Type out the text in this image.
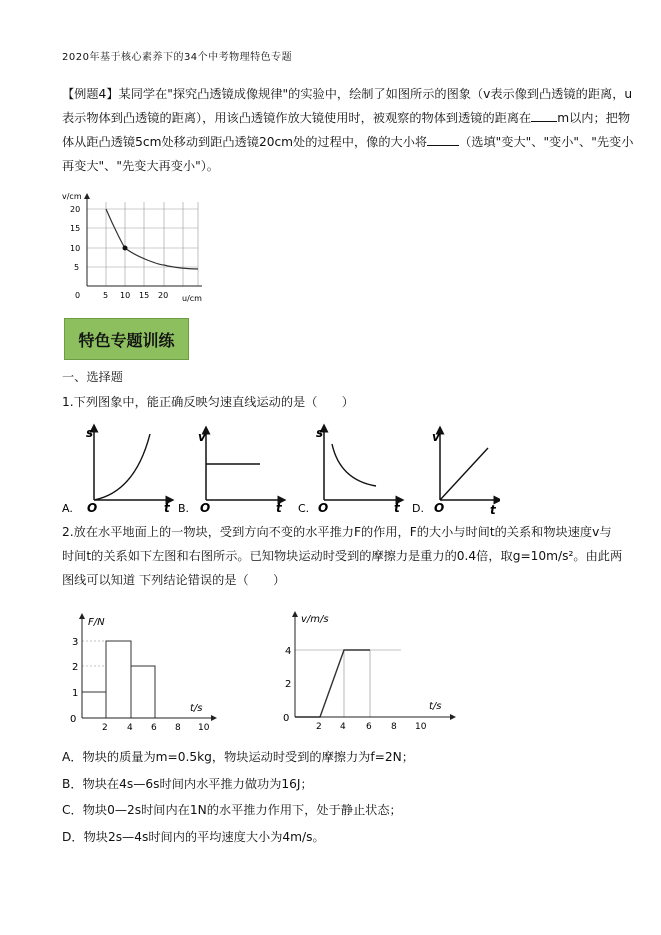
2020年基于核心素养下的34个中考物理特色专题
【例题4】某同学在"探究凸透镜成像规律"的实验中，绘制了如图所示的图象（v表示像到凸透镜的距离，u
表示物体到凸透镜的距离），用该凸透镜作放大镜使用时，被观察的物体到透镜的距离在 m以内；把物
体从距凸透镜5cm处移动到距凸透镜20cm处的过程中，像的大小将	（选填"变大"、"变小"、"先变小
再变大"、"先变大再变小"）。
v/cm
u/cm
0
20
15
10
5
5 10 15 20
特色专题训练
一、选择题
1.下列图象中，能正确反映匀速直线运动的是（　　）
s
t
O
A.
v
t
O
B.
s
t
O
C.
v
t
O
D.
2.放在水平地面上的一物块，受到方向不变的水平推力F的作用，F的大小与时间t的关系和物块速度v与
时间t的关系如下左图和右图所示。已知物块运动时受到的摩擦力是重力的0.4倍，取g=10m/s²。由此两
图线可以知道 下列结论错误的是（　　）
F/N
t/s
0
3
2
1
2 4 6 8 10
v/m/s
t/s
0
4
2
2 4 6 8 10
A．物块的质量为m=0.5kg，物块运动时受到的摩擦力为f=2N；
B．物块在4s—6s时间内水平推力做功为16J；
C．物块0—2s时间内在1N的水平推力作用下，处于静止状态；
D．物块2s—4s时间内的平均速度大小为4m/s。
